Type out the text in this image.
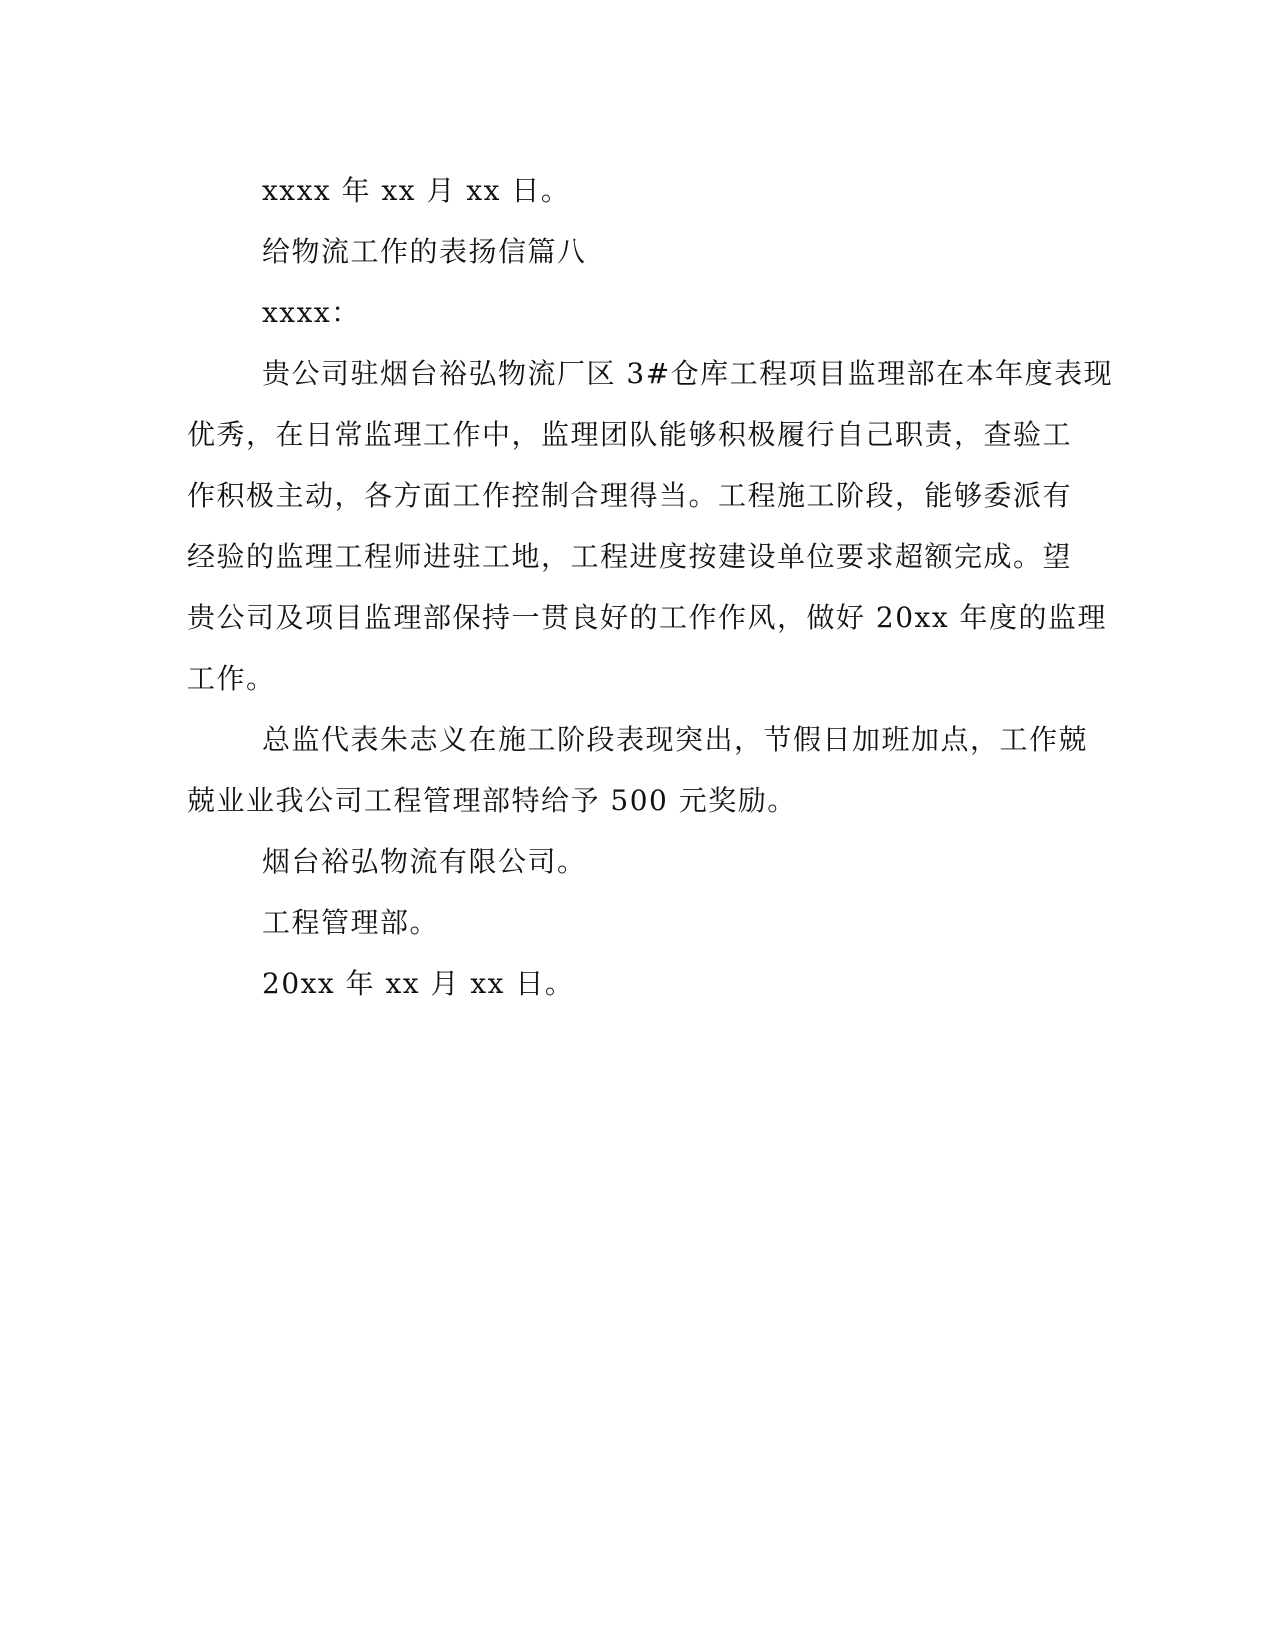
xxxx 年 xx 月 xx 日。

给物流工作的表扬信篇八

xxxx：

贵公司驻烟台裕弘物流厂区 3#仓库工程项目监理部在本年度表现

优秀，在日常监理工作中，监理团队能够积极履行自己职责，查验工

作积极主动，各方面工作控制合理得当。工程施工阶段，能够委派有

经验的监理工程师进驻工地，工程进度按建设单位要求超额完成。望

贵公司及项目监理部保持一贯良好的工作作风，做好 20xx 年度的监理

工作。

总监代表朱志义在施工阶段表现突出，节假日加班加点，工作兢

兢业业我公司工程管理部特给予 500 元奖励。

烟台裕弘物流有限公司。

工程管理部。

20xx 年 xx 月 xx 日。
